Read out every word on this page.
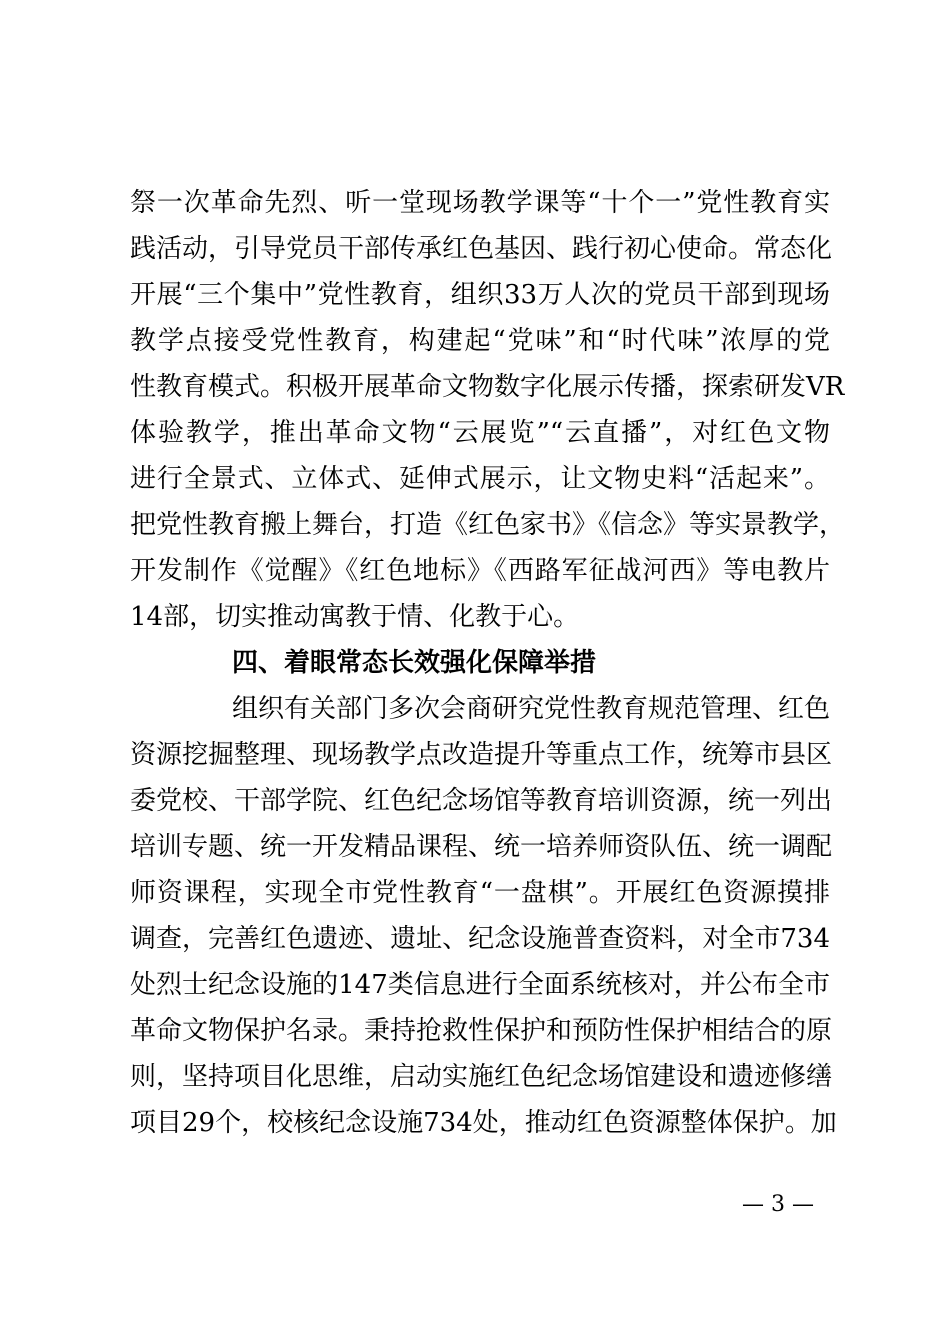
祭一次革命先烈、听一堂现场教学课等“十个一”党性教育实
践活动，引导党员干部传承红色基因、践行初心使命。常态化
开展“三个集中”党性教育，组织33万人次的党员干部到现场
教学点接受党性教育，构建起“党味”和“时代味”浓厚的党
性教育模式。积极开展革命文物数字化展示传播，探索研发VR
体验教学，推出革命文物“云展览”“云直播”，对红色文物
进行全景式、立体式、延伸式展示，让文物史料“活起来”。
把党性教育搬上舞台，打造《红色家书》《信念》等实景教学，
开发制作《觉醒》《红色地标》《西路军征战河西》等电教片
14部，切实推动寓教于情、化教于心。
四、着眼常态长效强化保障举措
组织有关部门多次会商研究党性教育规范管理、红色
资源挖掘整理、现场教学点改造提升等重点工作，统筹市县区
委党校、干部学院、红色纪念场馆等教育培训资源，统一列出
培训专题、统一开发精品课程、统一培养师资队伍、统一调配
师资课程，实现全市党性教育“一盘棋”。开展红色资源摸排
调查，完善红色遗迹、遗址、纪念设施普查资料，对全市734
处烈士纪念设施的147类信息进行全面系统核对，并公布全市
革命文物保护名录。秉持抢救性保护和预防性保护相结合的原
则，坚持项目化思维，启动实施红色纪念场馆建设和遗迹修缮
项目29个，校核纪念设施734处，推动红色资源整体保护。加
— 3 —
